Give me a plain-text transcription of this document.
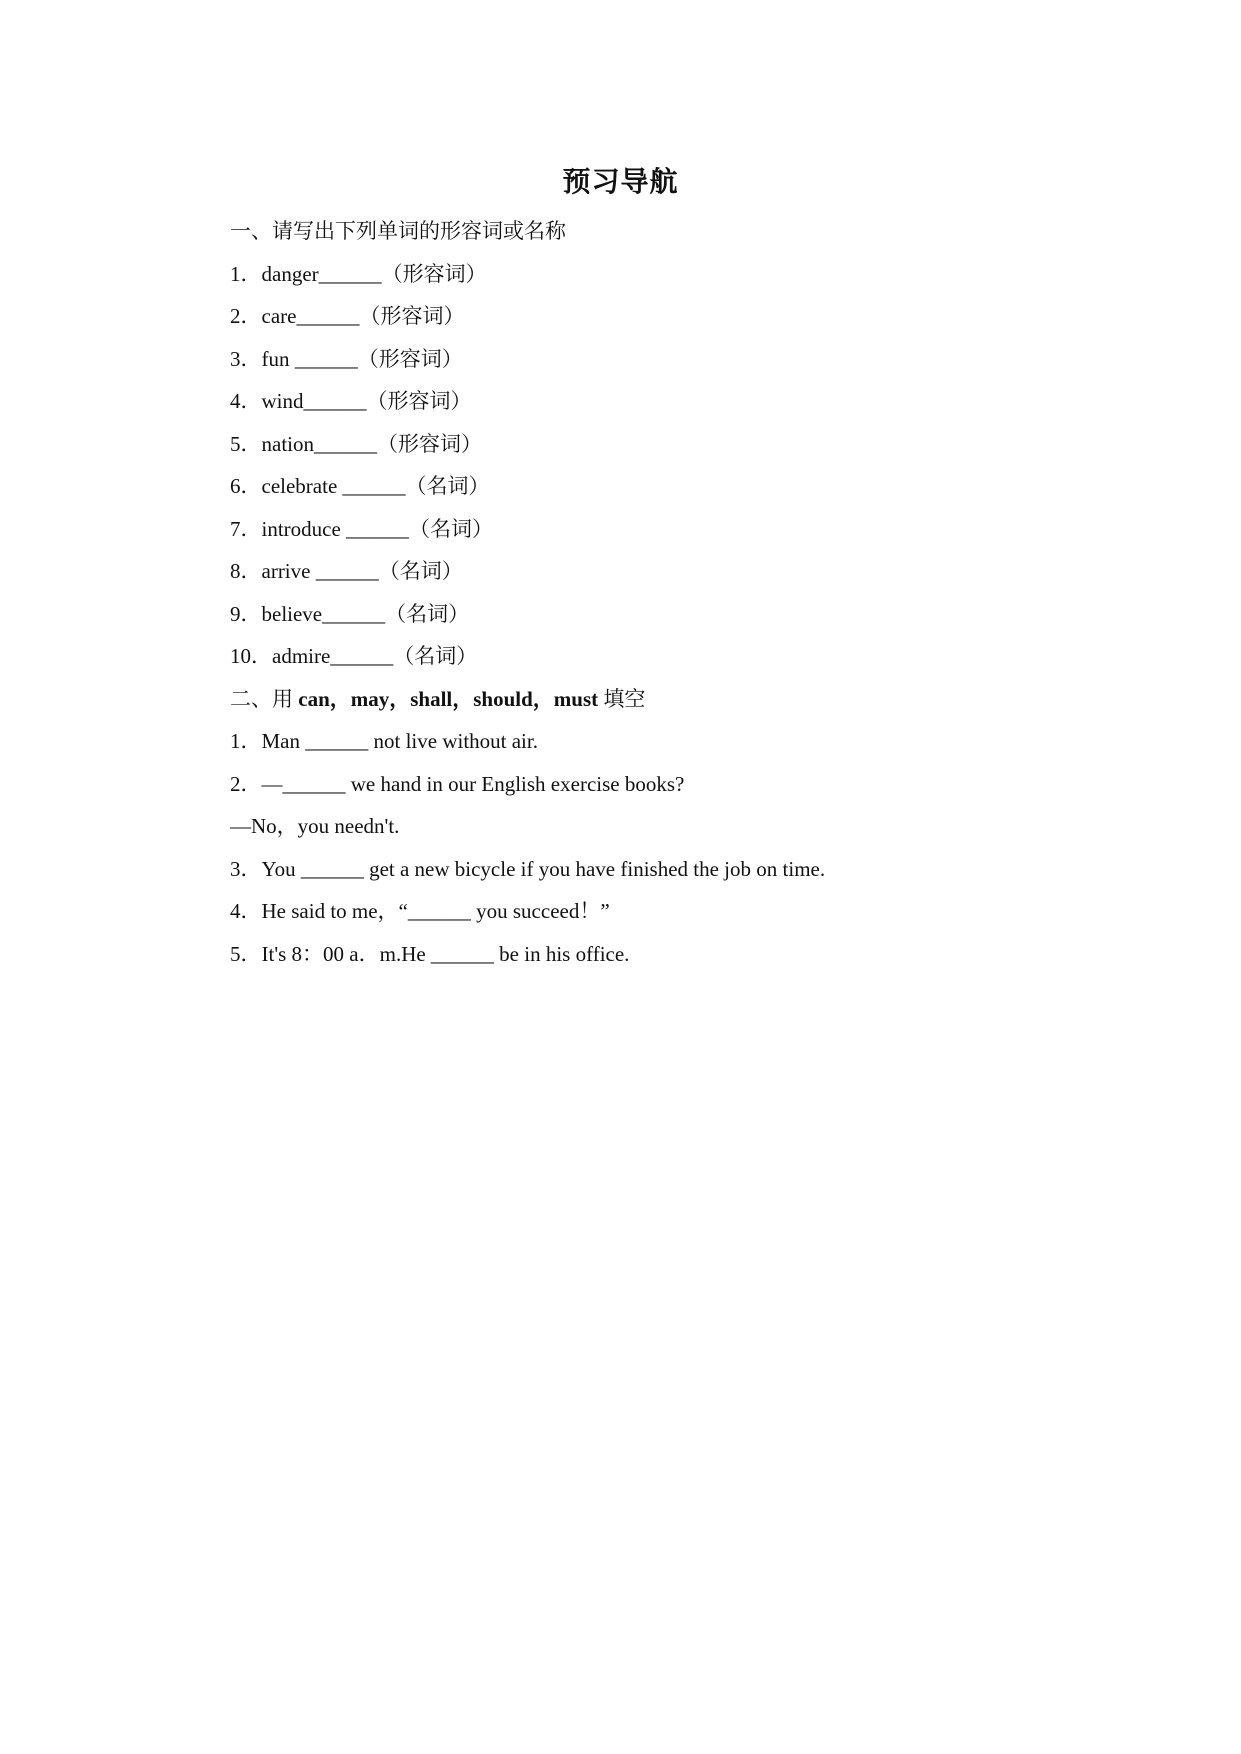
预习导航
一、请写出下列单词的形容词或名称
1．danger______（形容词）
2．care______（形容词）
3．fun ______（形容词）
4．wind______（形容词）
5．nation______（形容词）
6．celebrate ______（名词）
7．introduce ______（名词）
8．arrive ______（名词）
9．believe______（名词）
10．admire______（名词）
二、用 can，may，shall，should，must 填空
1．Man ______ not live without air.
2．—______ we hand in our English exercise books?
—No，you needn't.
3．You ______ get a new bicycle if you have finished the job on time.
4．He said to me，“______ you succeed！”
5．It's 8：00 a．m.He ______ be in his office.
